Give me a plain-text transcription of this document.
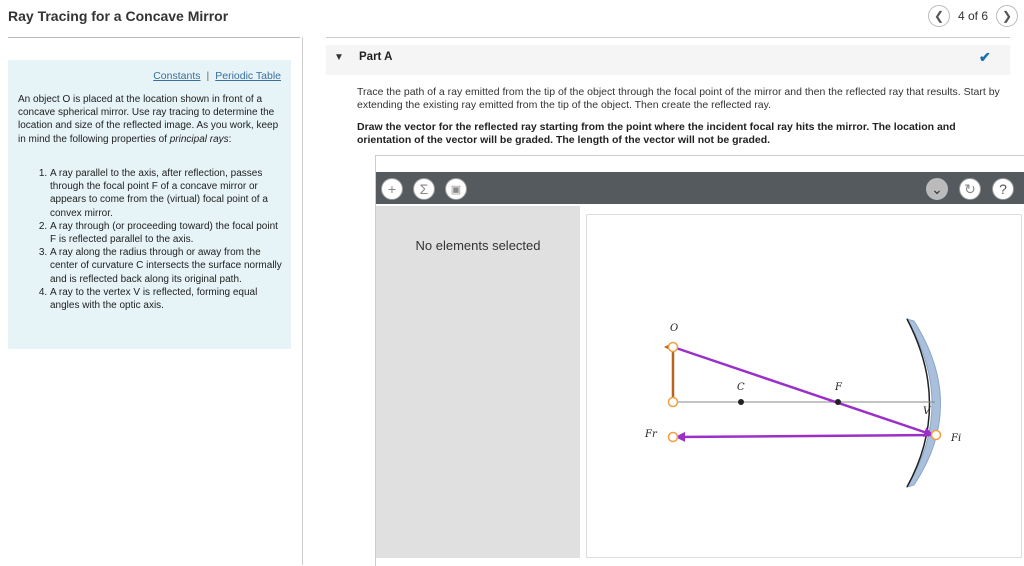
Ray Tracing for a Concave Mirror	❮	4 of 6	❯
Constants | Periodic Table
An object O is placed at the location shown in front of a concave spherical mirror. Use ray tracing to determine the location and size of the reflected image. As you work, keep in mind the following properties of principal rays:
1. A ray parallel to the axis, after reflection, passes through the focal point F of a concave mirror or appears to come from the (virtual) focal point of a convex mirror.
2. A ray through (or proceeding toward) the focal point F is reflected parallel to the axis.
3. A ray along the radius through or away from the center of curvature C intersects the surface normally and is reflected back along its original path.
4. A ray to the vertex V is reflected, forming equal angles with the optic axis.
▼ Part A	✔
Trace the path of a ray emitted from the tip of the object through the focal point of the mirror and then the reflected ray that results. Start by extending the existing ray emitted from the tip of the object. Then create the reflected ray.
Draw the vector for the reflected ray starting from the point where the incident focal ray hits the mirror. The location and orientation of the vector will be graded. The length of the vector will not be graded.
+	Σ	▣	⌄	↻	?
No elements selected
O
C	F
V
Fr	Fi
